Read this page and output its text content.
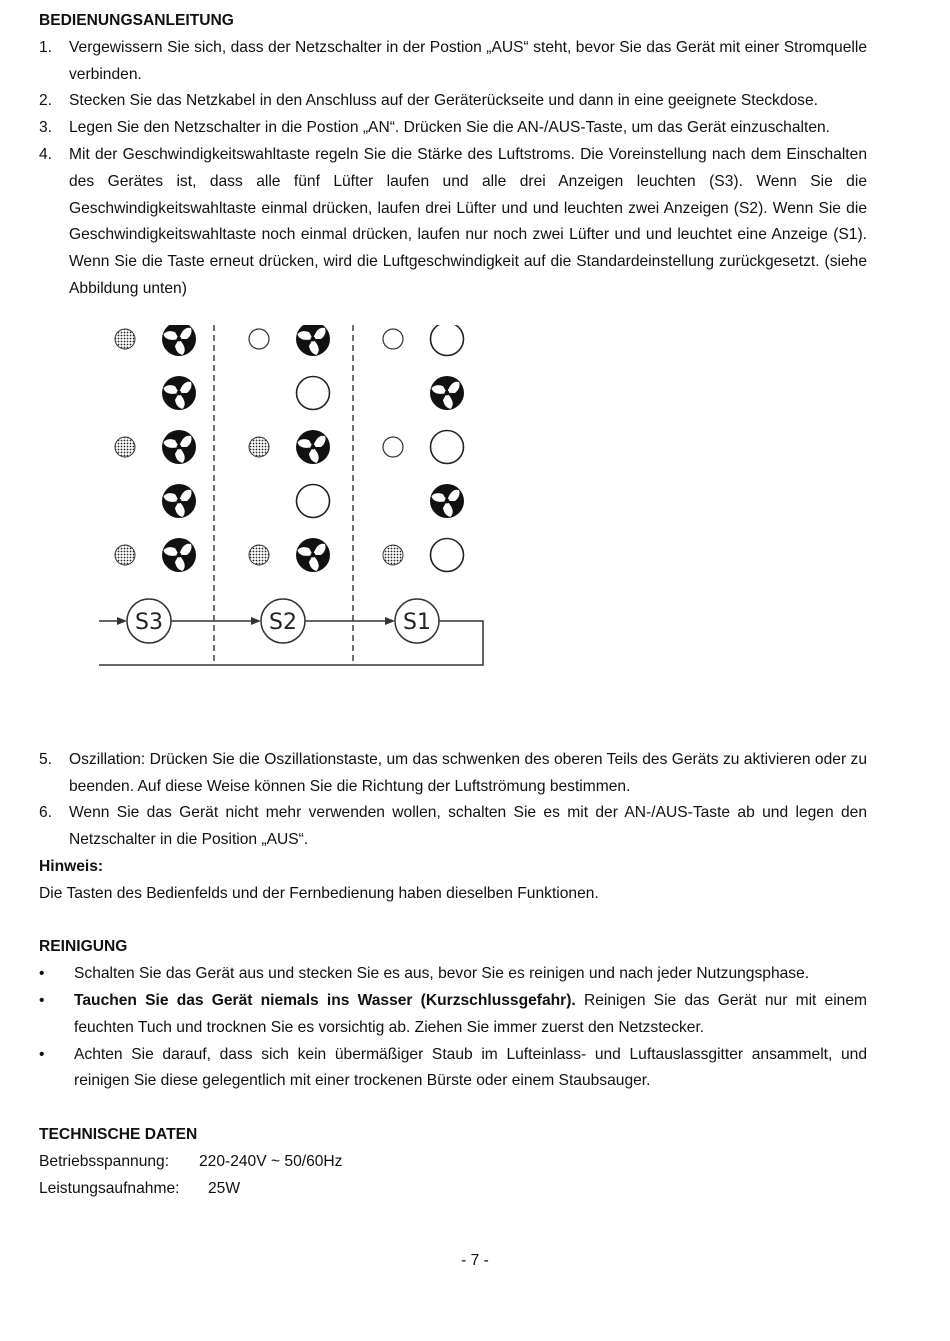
BEDIENUNGSANLEITUNG
1.	Vergewissern Sie sich, dass der Netzschalter in der Postion „AUS“ steht, bevor Sie das Gerät mit einer Stromquelle verbinden.
2.	Stecken Sie das Netzkabel in den Anschluss auf der Geräterückseite und dann in eine geeignete Steckdose.
3.	Legen Sie den Netzschalter in die Postion „AN“. Drücken Sie die AN-/AUS-Taste, um das Gerät einzuschalten.
4.	Mit der Geschwindigkeitswahltaste regeln Sie die Stärke des Luftstroms. Die Voreinstellung nach dem Einschalten des Gerätes ist, dass alle fünf Lüfter laufen und alle drei Anzeigen leuchten (S3). Wenn Sie die Geschwindigkeitswahltaste einmal drücken, laufen drei Lüfter und und leuchten zwei Anzeigen (S2). Wenn Sie die Geschwindigkeitswahltaste noch einmal drücken, laufen nur noch zwei Lüfter und und leuchtet eine Anzeige (S1). Wenn Sie die Taste erneut drücken, wird die Luftgeschwindigkeit auf die Standardeinstellung zurückgesetzt. (siehe Abbildung unten)
S3	S2	S1
5.	Oszillation: Drücken Sie die Oszillationstaste, um das schwenken des oberen Teils des Geräts zu aktivieren oder zu beenden. Auf diese Weise können Sie die Richtung der Luftströmung bestimmen.
6.	Wenn Sie das Gerät nicht mehr verwenden wollen, schalten Sie es mit der AN-/AUS-Taste ab und legen den Netzschalter in die Position „AUS“.
Hinweis:
Die Tasten des Bedienfelds und der Fernbedienung haben dieselben Funktionen.
REINIGUNG
•	Schalten Sie das Gerät aus und stecken Sie es aus, bevor Sie es reinigen und nach jeder Nutzungsphase.
•	Tauchen Sie das Gerät niemals ins Wasser (Kurzschlussgefahr). Reinigen Sie das Gerät nur mit einem feuchten Tuch und trocknen Sie es vorsichtig ab. Ziehen Sie immer zuerst den Netzstecker.
•	Achten Sie darauf, dass sich kein übermäßiger Staub im Lufteinlass- und Luftauslassgitter ansammelt, und reinigen Sie diese gelegentlich mit einer trockenen Bürste oder einem Staubsauger.
TECHNISCHE DATEN
Betriebsspannung:	220-240V ~ 50/60Hz
Leistungsaufnahme:	25W
- 7 -
